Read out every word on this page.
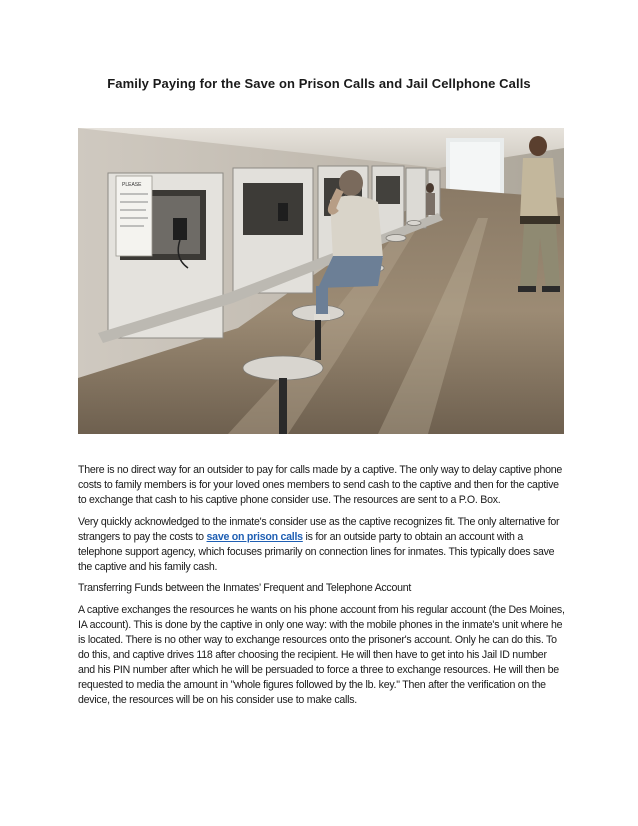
Family Paying for the Save on Prison Calls and Jail Cellphone Calls
PLEASE

There is no direct way for an outsider to pay for calls made by a captive. The only way to delay captive phone costs to family members is for your loved ones members to send cash to the captive and then for the captive to exchange that cash to his captive phone consider use. The resources are sent to a P.O. Box.

Very quickly acknowledged to the inmate's consider use as the captive recognizes fit. The only alternative for strangers to pay the costs to save on prison calls is for an outside party to obtain an account with a telephone support agency, which focuses primarily on connection lines for inmates. This typically does save the captive and his family cash.

Transferring Funds between the Inmates’ Frequent and Telephone Account

A captive exchanges the resources he wants on his phone account from his regular account (the Des Moines, IA account). This is done by the captive in only one way: with the mobile phones in the inmate's unit where he is located. There is no other way to exchange resources onto the prisoner's account. Only he can do this. To do this, and captive drives 118 after choosing the recipient. He will then have to get into his Jail ID number and his PIN number after which he will be persuaded to force a three to exchange resources. He will then be requested to media the amount in "whole figures followed by the lb. key." Then after the verification on the device, the resources will be on his consider use to make calls.
